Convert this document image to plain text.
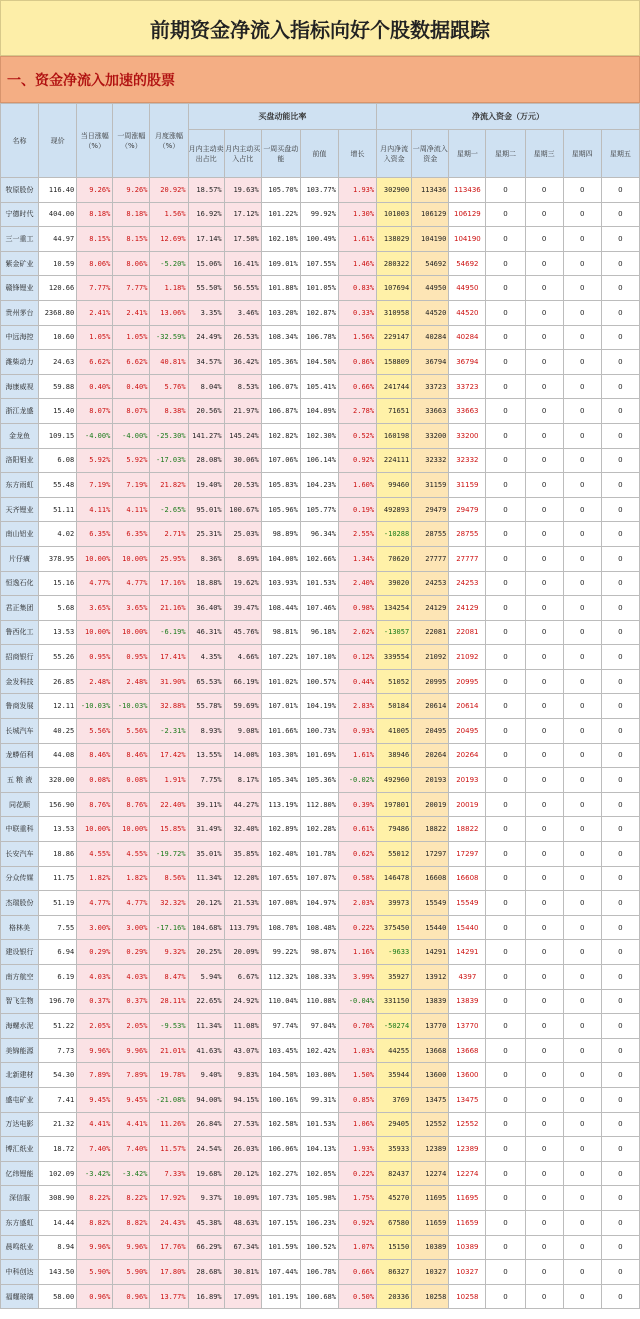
前期资金净流入指标向好个股数据跟踪
一、资金净流入加速的股票
名称	现价	当日涨幅（%）	一周涨幅（%）	月度涨幅（%）	买盘动能比率					净流入资金（万元）						
					月内主动卖出占比	月内主动买入占比	一周买盘动能	前值	增长	月内净流入资金	一周净流入资金	星期一	星期二	星期三	星期四	星期五
牧原股份	116.40	9.26%	9.26%	20.92%	18.57%	19.63%	105.70%	103.77%	1.93%	302900	113436	113436	0	0	0	0
宁德时代	404.00	8.18%	8.18%	1.56%	16.92%	17.12%	101.22%	99.92%	1.30%	101003	106129	106129	0	0	0	0
三一重工	44.97	8.15%	8.15%	12.69%	17.14%	17.50%	102.10%	100.49%	1.61%	138029	104190	104190	0	0	0	0
紫金矿业	10.59	8.06%	8.06%	-5.20%	15.06%	16.41%	109.01%	107.55%	1.46%	280322	54692	54692	0	0	0	0
赣锋锂业	120.66	7.77%	7.77%	1.18%	55.50%	56.55%	101.88%	101.05%	0.83%	107694	44950	44950	0	0	0	0
贵州茅台	2368.80	2.41%	2.41%	13.06%	3.35%	3.46%	103.20%	102.87%	0.33%	310958	44520	44520	0	0	0	0
中远海控	10.60	1.05%	1.05%	-32.59%	24.49%	26.53%	108.34%	106.78%	1.56%	229147	40284	40284	0	0	0	0
潍柴动力	24.63	6.62%	6.62%	40.81%	34.57%	36.42%	105.36%	104.50%	0.86%	158809	36794	36794	0	0	0	0
海康威视	59.88	0.40%	0.40%	5.76%	8.04%	8.53%	106.07%	105.41%	0.66%	241744	33723	33723	0	0	0	0
浙江龙盛	15.40	8.07%	8.07%	8.38%	20.56%	21.97%	106.87%	104.09%	2.78%	71651	33663	33663	0	0	0	0
金龙鱼	109.15	-4.00%	-4.00%	-25.30%	141.27%	145.24%	102.82%	102.30%	0.52%	160198	33200	33200	0	0	0	0
洛阳钼业	6.08	5.92%	5.92%	-17.03%	28.08%	30.06%	107.06%	106.14%	0.92%	224111	32332	32332	0	0	0	0
东方雨虹	55.48	7.19%	7.19%	21.82%	19.40%	20.53%	105.83%	104.23%	1.60%	99460	31159	31159	0	0	0	0
天齐锂业	51.11	4.11%	4.11%	-2.65%	95.01%	100.67%	105.96%	105.77%	0.19%	492893	29479	29479	0	0	0	0
南山铝业	4.02	6.35%	6.35%	2.71%	25.31%	25.03%	98.89%	96.34%	2.55%	-10288	28755	28755	0	0	0	0
片仔癀	378.95	10.00%	10.00%	25.95%	8.36%	8.69%	104.00%	102.66%	1.34%	70620	27777	27777	0	0	0	0
恒逸石化	15.16	4.77%	4.77%	17.16%	18.88%	19.62%	103.93%	101.53%	2.40%	39020	24253	24253	0	0	0	0
君正集团	5.68	3.65%	3.65%	21.16%	36.40%	39.47%	108.44%	107.46%	0.98%	134254	24129	24129	0	0	0	0
鲁西化工	13.53	10.00%	10.00%	-6.19%	46.31%	45.76%	98.81%	96.18%	2.62%	-13057	22081	22081	0	0	0	0
招商银行	55.26	0.95%	0.95%	17.41%	4.35%	4.66%	107.22%	107.10%	0.12%	339554	21092	21092	0	0	0	0
金发科技	26.85	2.48%	2.48%	31.90%	65.53%	66.19%	101.02%	100.57%	0.44%	51052	20995	20995	0	0	0	0
鲁商发展	12.11	-10.03%	-10.03%	32.88%	55.78%	59.69%	107.01%	104.19%	2.83%	50184	20614	20614	0	0	0	0
长城汽车	40.25	5.56%	5.56%	-2.31%	8.93%	9.08%	101.66%	100.73%	0.93%	41005	20495	20495	0	0	0	0
龙蟒佰利	44.08	8.46%	8.46%	17.42%	13.55%	14.00%	103.30%	101.69%	1.61%	38946	20264	20264	0	0	0	0
五 粮 液	320.00	0.08%	0.08%	1.91%	7.75%	8.17%	105.34%	105.36%	-0.02%	492960	20193	20193	0	0	0	0
同花顺	156.90	8.76%	8.76%	22.40%	39.11%	44.27%	113.19%	112.80%	0.39%	197801	20019	20019	0	0	0	0
中联重科	13.53	10.00%	10.00%	15.85%	31.49%	32.40%	102.89%	102.28%	0.61%	79486	18822	18822	0	0	0	0
长安汽车	18.86	4.55%	4.55%	-19.72%	35.01%	35.85%	102.40%	101.78%	0.62%	55012	17297	17297	0	0	0	0
分众传媒	11.75	1.82%	1.82%	8.56%	11.34%	12.20%	107.65%	107.07%	0.58%	146478	16608	16608	0	0	0	0
杰瑞股份	51.19	4.77%	4.77%	32.32%	20.12%	21.53%	107.00%	104.97%	2.03%	39973	15549	15549	0	0	0	0
格林美	7.55	3.00%	3.00%	-17.16%	104.68%	113.79%	108.70%	108.48%	0.22%	375450	15440	15440	0	0	0	0
建设银行	6.94	0.29%	0.29%	9.32%	20.25%	20.09%	99.22%	98.07%	1.16%	-9633	14291	14291	0	0	0	0
南方航空	6.19	4.03%	4.03%	8.47%	5.94%	6.67%	112.32%	108.33%	3.99%	35927	13912	4397	0	0	0	0
智飞生物	196.70	0.37%	0.37%	28.11%	22.65%	24.92%	110.04%	110.08%	-0.04%	331150	13839	13839	0	0	0	0
海螺水泥	51.22	2.05%	2.05%	-9.53%	11.34%	11.08%	97.74%	97.04%	0.70%	-50274	13770	13770	0	0	0	0
美锦能源	7.73	9.96%	9.96%	21.01%	41.63%	43.07%	103.45%	102.42%	1.03%	44255	13668	13668	0	0	0	0
北新建材	54.30	7.89%	7.89%	19.78%	9.40%	9.83%	104.50%	103.00%	1.50%	35944	13600	13600	0	0	0	0
盛屯矿业	7.41	9.45%	9.45%	-21.08%	94.00%	94.15%	100.16%	99.31%	0.85%	3769	13475	13475	0	0	0	0
万达电影	21.32	4.41%	4.41%	11.26%	26.84%	27.53%	102.58%	101.53%	1.06%	29405	12552	12552	0	0	0	0
博汇纸业	18.72	7.40%	7.40%	11.57%	24.54%	26.03%	106.06%	104.13%	1.93%	35933	12389	12389	0	0	0	0
亿纬锂能	102.09	-3.42%	-3.42%	7.33%	19.68%	20.12%	102.27%	102.05%	0.22%	82437	12274	12274	0	0	0	0
深信服	308.90	8.22%	8.22%	17.92%	9.37%	10.09%	107.73%	105.98%	1.75%	45270	11695	11695	0	0	0	0
东方盛虹	14.44	8.82%	8.82%	24.43%	45.38%	48.63%	107.15%	106.23%	0.92%	67580	11659	11659	0	0	0	0
晨鸣纸业	8.94	9.96%	9.96%	17.76%	66.29%	67.34%	101.59%	100.52%	1.07%	15150	10389	10389	0	0	0	0
中科创达	143.50	5.90%	5.90%	17.80%	28.68%	30.81%	107.44%	106.78%	0.66%	86327	10327	10327	0	0	0	0
福耀玻璃	58.00	0.96%	0.96%	13.77%	16.89%	17.09%	101.19%	100.68%	0.50%	20336	10258	10258	0	0	0	0
